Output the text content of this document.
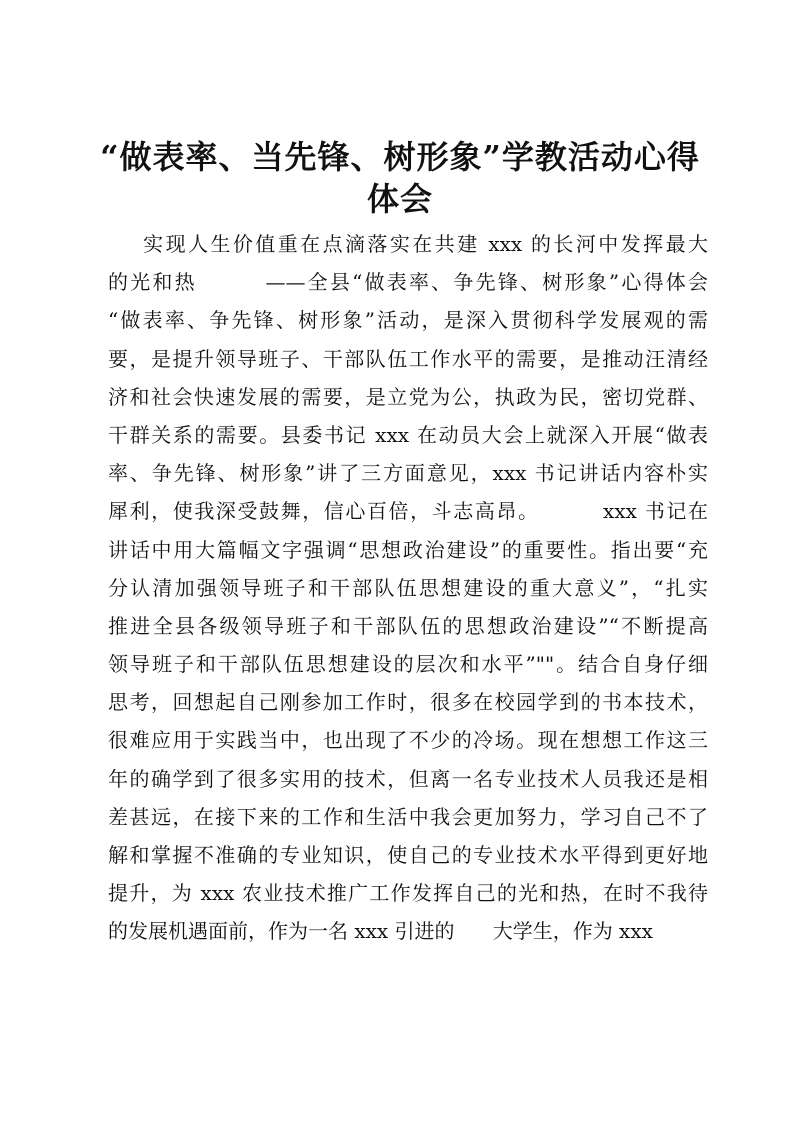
“做表率、当先锋、树形象”学教活动心得体会
实现人生价值重在点滴落实在共建 xxx 的长河中发挥最大
的光和热        ——全县“做表率、争先锋、树形象”心得体会
“做表率、争先锋、树形象”活动，是深入贯彻科学发展观的需
要，是提升领导班子、干部队伍工作水平的需要，是推动汪清经
济和社会快速发展的需要，是立党为公，执政为民，密切党群、
干群关系的需要。县委书记 xxx 在动员大会上就深入开展“做表
率、争先锋、树形象”讲了三方面意见，xxx 书记讲话内容朴实
犀利，使我深受鼓舞，信心百倍，斗志高昂。        xxx 书记在
讲话中用大篇幅文字强调“思想政治建设”的重要性。指出要“充
分认清加强领导班子和干部队伍思想建设的重大意义”，“扎实
推进全县各级领导班子和干部队伍的思想政治建设”“不断提高
领导班子和干部队伍思想建设的层次和水平”""。结合自身仔细
思考，回想起自己刚参加工作时，很多在校园学到的书本技术，
很难应用于实践当中，也出现了不少的冷场。现在想想工作这三
年的确学到了很多实用的技术，但离一名专业技术人员我还是相
差甚远，在接下来的工作和生活中我会更加努力，学习自己不了
解和掌握不准确的专业知识，使自己的专业技术水平得到更好地
提升，为 xxx 农业技术推广工作发挥自己的光和热，在时不我待
的发展机遇面前，作为一名 xxx 引进的      大学生，作为 xxx
